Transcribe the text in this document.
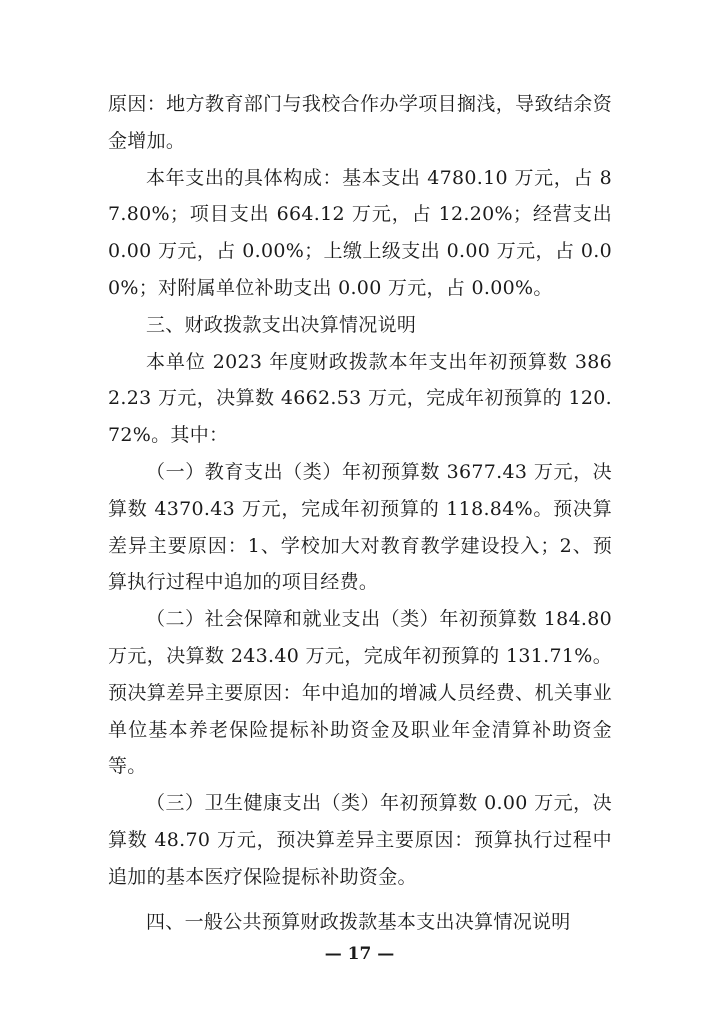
原因：地方教育部门与我校合作办学项目搁浅，导致结余资金增加。

本年支出的具体构成：基本支出 4780.10 万元，占 87.80%；项目支出 664.12 万元，占 12.20%；经营支出 0.00 万元，占 0.00%；上缴上级支出 0.00 万元，占 0.00%；对附属单位补助支出 0.00 万元，占 0.00%。

三、财政拨款支出决算情况说明

本单位 2023 年度财政拨款本年支出年初预算数 3862.23 万元，决算数 4662.53 万元，完成年初预算的 120.72%。其中：

（一）教育支出（类）年初预算数 3677.43 万元，决算数 4370.43 万元，完成年初预算的 118.84%。预决算差异主要原因：1、学校加大对教育教学建设投入；2、预算执行过程中追加的项目经费。

（二）社会保障和就业支出（类）年初预算数 184.80 万元，决算数 243.40 万元，完成年初预算的 131.71%。预决算差异主要原因：年中追加的增减人员经费、机关事业单位基本养老保险提标补助资金及职业年金清算补助资金等。

（三）卫生健康支出（类）年初预算数 0.00 万元，决算数 48.70 万元，预决算差异主要原因：预算执行过程中追加的基本医疗保险提标补助资金。

四、一般公共预算财政拨款基本支出决算情况说明

— 17 —
